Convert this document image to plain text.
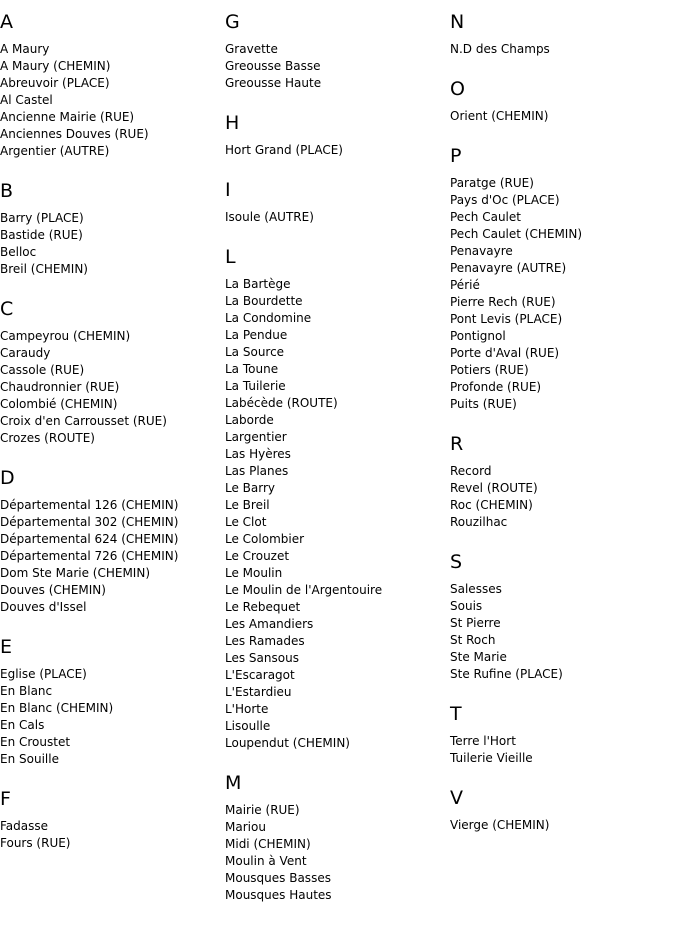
A
A Maury
A Maury (CHEMIN)
Abreuvoir (PLACE)
Al Castel
Ancienne Mairie (RUE)
Anciennes Douves (RUE)
Argentier (AUTRE)
B
Barry (PLACE)
Bastide (RUE)
Belloc
Breil (CHEMIN)
C
Campeyrou (CHEMIN)
Caraudy
Cassole (RUE)
Chaudronnier (RUE)
Colombié (CHEMIN)
Croix d'en Carrousset (RUE)
Crozes (ROUTE)
D
Départemental 126 (CHEMIN)
Départemental 302 (CHEMIN)
Départemental 624 (CHEMIN)
Départemental 726 (CHEMIN)
Dom Ste Marie (CHEMIN)
Douves (CHEMIN)
Douves d'Issel
E
Eglise (PLACE)
En Blanc
En Blanc (CHEMIN)
En Cals
En Croustet
En Souille
F
Fadasse
Fours (RUE)
G
Gravette
Greousse Basse
Greousse Haute
H
Hort Grand (PLACE)
I
Isoule (AUTRE)
L
La Bartège
La Bourdette
La Condomine
La Pendue
La Source
La Toune
La Tuilerie
Labécède (ROUTE)
Laborde
Largentier
Las Hyères
Las Planes
Le Barry
Le Breil
Le Clot
Le Colombier
Le Crouzet
Le Moulin
Le Moulin de l'Argentouire
Le Rebequet
Les Amandiers
Les Ramades
Les Sansous
L'Escaragot
L'Estardieu
L'Horte
Lisoulle
Loupendut (CHEMIN)
M
Mairie (RUE)
Mariou
Midi (CHEMIN)
Moulin à Vent
Mousques Basses
Mousques Hautes
N
N.D des Champs
O
Orient (CHEMIN)
P
Paratge (RUE)
Pays d'Oc (PLACE)
Pech Caulet
Pech Caulet (CHEMIN)
Penavayre
Penavayre (AUTRE)
Périé
Pierre Rech (RUE)
Pont Levis (PLACE)
Pontignol
Porte d'Aval (RUE)
Potiers (RUE)
Profonde (RUE)
Puits (RUE)
R
Record
Revel (ROUTE)
Roc (CHEMIN)
Rouzilhac
S
Salesses
Souis
St Pierre
St Roch
Ste Marie
Ste Rufine (PLACE)
T
Terre l'Hort
Tuilerie Vieille
V
Vierge (CHEMIN)
